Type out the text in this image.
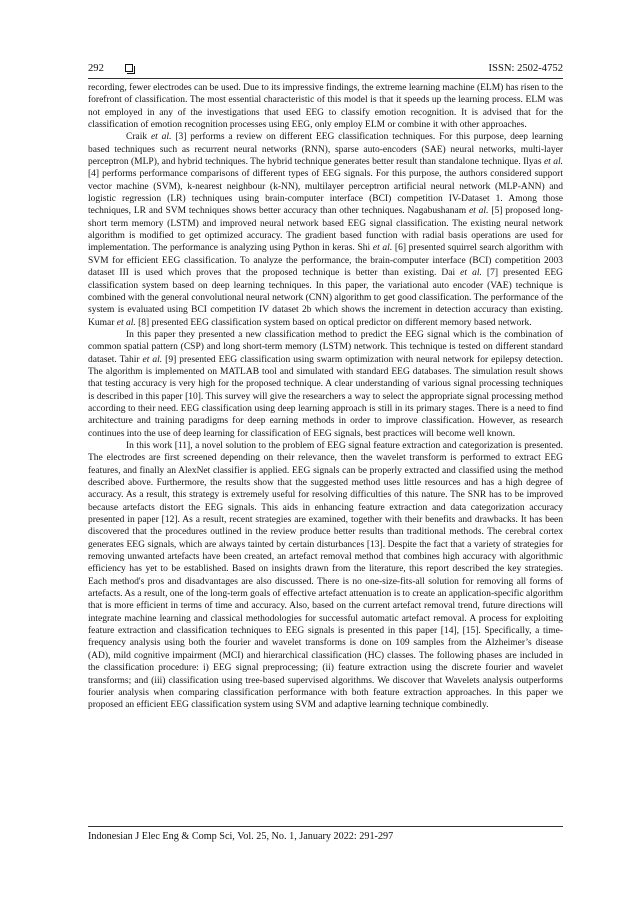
292	ISSN: 2502-4752

recording, fewer electrodes can be used. Due to its impressive findings, the extreme learning machine (ELM) has risen to the forefront of classification. The most essential characteristic of this model is that it speeds up the learning process. ELM was not employed in any of the investigations that used EEG to classify emotion recognition. It is advised that for the classification of emotion recognition processes using EEG, only employ ELM or combine it with other approaches.

Craik et al. [3] performs a review on different EEG classification techniques. For this purpose, deep learning based techniques such as recurrent neural networks (RNN), sparse auto-encoders (SAE) neural networks, multi-layer perceptron (MLP), and hybrid techniques. The hybrid technique generates better result than standalone technique. Ilyas et al. [4] performs performance comparisons of different types of EEG signals. For this purpose, the authors considered support vector machine (SVM), k-nearest neighbour (k-NN), multilayer perceptron artificial neural network (MLP-ANN) and logistic regression (LR) techniques using brain-computer interface (BCI) competition IV-Dataset 1. Among those techniques, LR and SVM techniques shows better accuracy than other techniques. Nagabushanam et al. [5] proposed long-short term memory (LSTM) and improved neural network based EEG signal classification. The existing neural network algorithm is modified to get optimized accuracy. The gradient based function with radial basis operations are used for implementation. The performance is analyzing using Python in keras. Shi et al. [6] presented squirrel search algorithm with SVM for efficient EEG classification. To analyze the performance, the brain-computer interface (BCI) competition 2003 dataset III is used which proves that the proposed technique is better than existing. Dai et al. [7] presented EEG classification system based on deep learning techniques. In this paper, the variational auto encoder (VAE) technique is combined with the general convolutional neural network (CNN) algorithm to get good classification. The performance of the system is evaluated using BCI competition IV dataset 2b which shows the increment in detection accuracy than existing. Kumar et al. [8] presented EEG classification system based on optical predictor on different memory based network.

In this paper they presented a new classification method to predict the EEG signal which is the combination of common spatial pattern (CSP) and long short-term memory (LSTM) network. This technique is tested on different standard dataset. Tahir et al. [9] presented EEG classification using swarm optimization with neural network for epilepsy detection. The algorithm is implemented on MATLAB tool and simulated with standard EEG databases. The simulation result shows that testing accuracy is very high for the proposed technique. A clear understanding of various signal processing techniques is described in this paper [10]. This survey will give the researchers a way to select the appropriate signal processing method according to their need. EEG classification using deep learning approach is still in its primary stages. There is a need to find architecture and training paradigms for deep earning methods in order to improve classification. However, as research continues into the use of deep learning for classification of EEG signals, best practices will become well known.

In this work [11], a novel solution to the problem of EEG signal feature extraction and categorization is presented. The electrodes are first screened depending on their relevance, then the wavelet transform is performed to extract EEG features, and finally an AlexNet classifier is applied. EEG signals can be properly extracted and classified using the method described above. Furthermore, the results show that the suggested method uses little resources and has a high degree of accuracy. As a result, this strategy is extremely useful for resolving difficulties of this nature. The SNR has to be improved because artefacts distort the EEG signals. This aids in enhancing feature extraction and data categorization accuracy presented in paper [12]. As a result, recent strategies are examined, together with their benefits and drawbacks. It has been discovered that the procedures outlined in the review produce better results than traditional methods. The cerebral cortex generates EEG signals, which are always tainted by certain disturbances [13]. Despite the fact that a variety of strategies for removing unwanted artefacts have been created, an artefact removal method that combines high accuracy with algorithmic efficiency has yet to be established. Based on insights drawn from the literature, this report described the key strategies. Each method's pros and disadvantages are also discussed. There is no one-size-fits-all solution for removing all forms of artefacts. As a result, one of the long-term goals of effective artefact attenuation is to create an application-specific algorithm that is more efficient in terms of time and accuracy. Also, based on the current artefact removal trend, future directions will integrate machine learning and classical methodologies for successful automatic artefact removal. A process for exploiting feature extraction and classification techniques to EEG signals is presented in this paper [14], [15]. Specifically, a time-frequency analysis using both the fourier and wavelet transforms is done on 109 samples from the Alzheimer’s disease (AD), mild cognitive impairment (MCI) and hierarchical classification (HC) classes. The following phases are included in the classification procedure: i) EEG signal preprocessing; (ii) feature extraction using the discrete fourier and wavelet transforms; and (iii) classification using tree-based supervised algorithms. We discover that Wavelets analysis outperforms fourier analysis when comparing classification performance with both feature extraction approaches. In this paper we proposed an efficient EEG classification system using SVM and adaptive learning technique combinedly.

Indonesian J Elec Eng & Comp Sci, Vol. 25, No. 1, January 2022: 291-297
